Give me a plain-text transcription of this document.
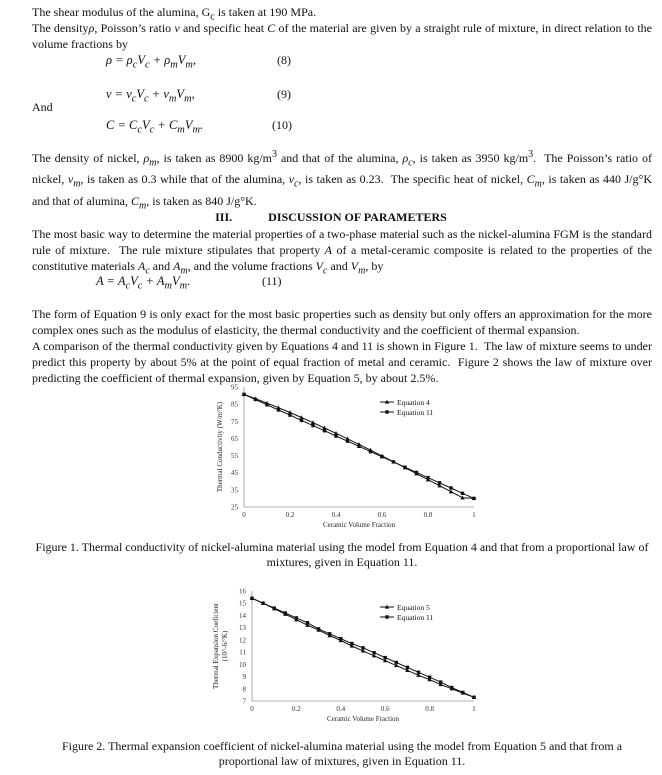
The shear modulus of the alumina, $G_c$ is taken at 190 MPa.
The densityρ, Poisson’s ratio ν and specific heat C of the material are given by a straight rule of mixture, in direct relation to the volume fractions by
$\rho = \rho_cV_c + \rho_mV_m$,	(8)
$\nu = \nu_cV_c + \nu_mV_m$,	(9)
And
$C = C_cV_c + C_mV_m$.	(10)
The density of nickel, $\rho_m$, is taken as 8900 $kg/m^3$ and that of the alumina, $\rho_c$, is taken as 3950 $kg/m^3$.  The Poisson’s ratio of nickel, $\nu_m$, is taken as 0.3 while that of the alumina, $\nu_c$, is taken as 0.23.  The specific heat of nickel, $C_m$, is taken as 440 J/g°K and that of alumina, $C_m$, is taken as 840 J/g°K.
III.	DISCUSSION OF PARAMETERS
The most basic way to determine the material properties of a two-phase material such as the nickel-alumina FGM is the standard rule of mixture.  The rule mixture stipulates that property A of a metal-ceramic composite is related to the properties of the constitutive materials $A_c$ and $A_m$, and the volume fractions $V_c$ and $V_m$, by
$A = A_cV_c + A_mV_m$.	(11)
The form of Equation 9 is only exact for the most basic properties such as density but only offers an approximation for the more complex ones such as the modulus of elasticity, the thermal conductivity and the coefficient of thermal expansion.
A comparison of the thermal conductivity given by Equations 4 and 11 is shown in Figure 1.  The law of mixture seems to under predict this property by about 5% at the point of equal fraction of metal and ceramic.  Figure 2 shows the law of mixture over predicting the coefficient of thermal expansion, given by Equation 5, by about 2.5%.
25
35
45
55
65
75
85
95
0	0.2	0.4	0.6	0.8	1
Ceramic Volume Fraction
Thermal Conductivity (W/m°K)	Equation 4
Equation 11
Figure 1. Thermal conductivity of nickel-alumina material using the model from Equation 4 and that from a proportional law of mixtures, given in Equation 11.
7
8
9
10
11
12
13
14
15
16
0	0.2	0.4	0.6	0.8	1
Ceramic Volume Fraction
Thermal Expansion Coeficient (10^-6/°K)
Equation 5
Equation 11
Figure 2. Thermal expansion coefficient of nickel-alumina material using the model from Equation 5 and that from a proportional law of mixtures, given in Equation 11.
